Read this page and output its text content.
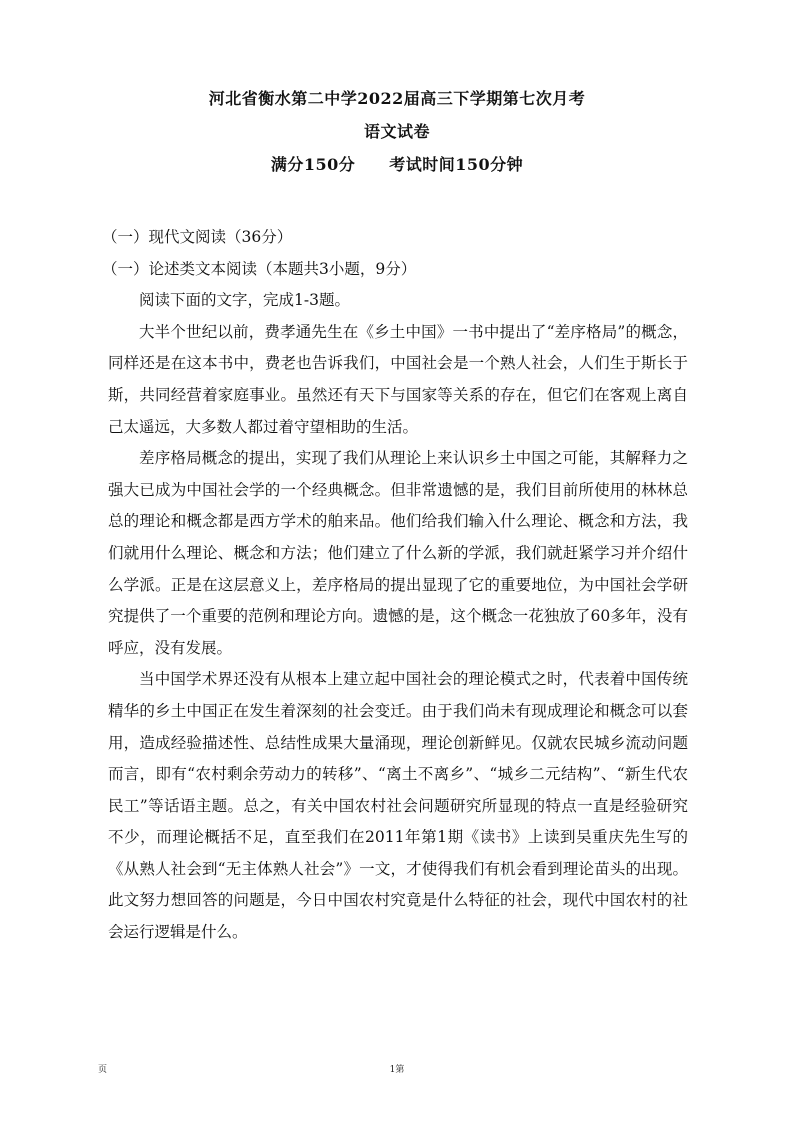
河北省衡水第二中学2022届高三下学期第七次月考
语文试卷
满分150分 考试时间150分钟

（一）现代文阅读（36分）

（一）论述类文本阅读（本题共3小题，9分）

阅读下面的文字，完成1-3题。

大半个世纪以前，费孝通先生在《乡土中国》一书中提出了“差序格局”的概念，同样还是在这本书中，费老也告诉我们，中国社会是一个熟人社会，人们生于斯长于斯，共同经营着家庭事业。虽然还有天下与国家等关系的存在，但它们在客观上离自己太遥远，大多数人都过着守望相助的生活。

差序格局概念的提出，实现了我们从理论上来认识乡土中国之可能，其解释力之强大已成为中国社会学的一个经典概念。但非常遗憾的是，我们目前所使用的林林总总的理论和概念都是西方学术的舶来品。他们给我们输入什么理论、概念和方法，我们就用什么理论、概念和方法；他们建立了什么新的学派，我们就赶紧学习并介绍什么学派。正是在这层意义上，差序格局的提出显现了它的重要地位，为中国社会学研究提供了一个重要的范例和理论方向。遗憾的是，这个概念一花独放了60多年，没有呼应，没有发展。

当中国学术界还没有从根本上建立起中国社会的理论模式之时，代表着中国传统精华的乡土中国正在发生着深刻的社会变迁。由于我们尚未有现成理论和概念可以套用，造成经验描述性、总结性成果大量涌现，理论创新鲜见。仅就农民城乡流动问题而言，即有“农村剩余劳动力的转移”、“离土不离乡”、“城乡二元结构”、“新生代农民工”等话语主题。总之，有关中国农村社会问题研究所显现的特点一直是经验研究不少，而理论概括不足，直至我们在2011年第1期《读书》上读到吴重庆先生写的《从熟人社会到“无主体熟人社会”》一文，才使得我们有机会看到理论苗头的出现。此文努力想回答的问题是，今日中国农村究竟是什么特征的社会，现代中国农村的社会运行逻辑是什么。

页	1第
